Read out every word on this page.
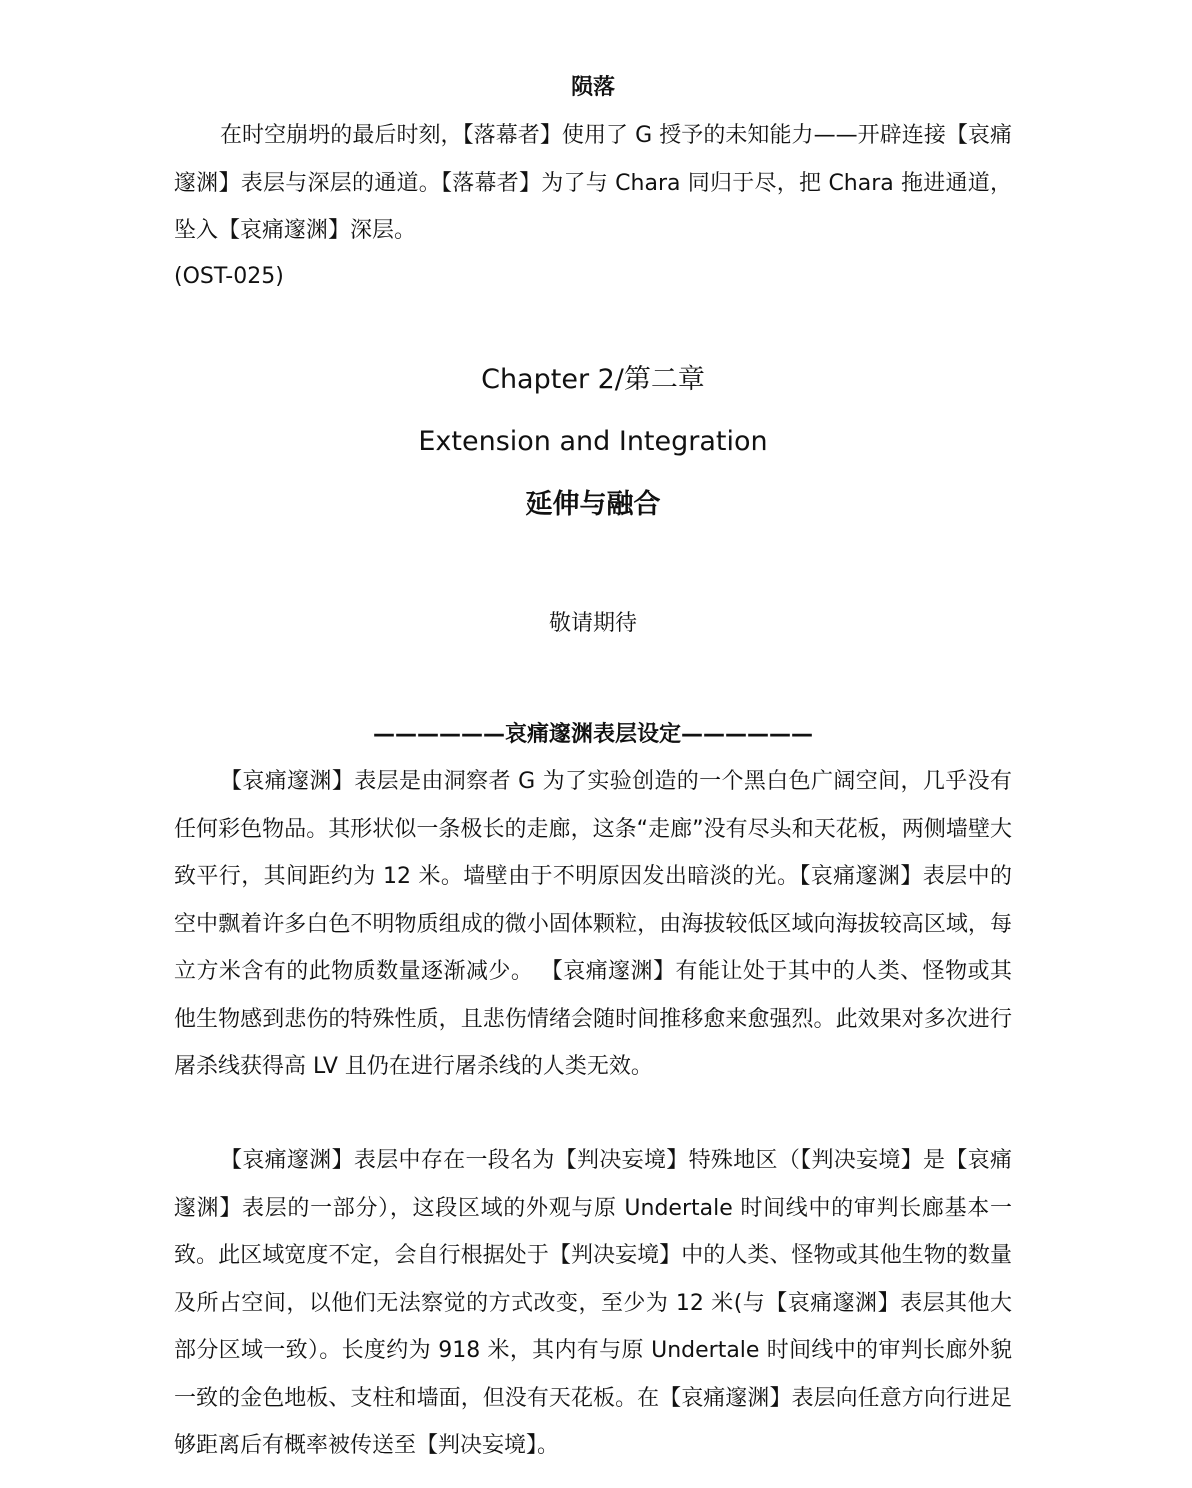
陨落

在时空崩坍的最后时刻，【落幕者】使用了 G 授予的未知能力——开辟连接【哀痛邃渊】表层与深层的通道。【落幕者】为了与 Chara 同归于尽，把 Chara 拖进通道，坠入【哀痛邃渊】深层。

(OST-025)
Chapter 2/第二章
Extension and Integration
延伸与融合
敬请期待
——————哀痛邃渊表层设定——————

【哀痛邃渊】表层是由洞察者 G 为了实验创造的一个黑白色广阔空间，几乎没有任何彩色物品。其形状似一条极长的走廊，这条“走廊”没有尽头和天花板，两侧墙壁大致平行，其间距约为 12 米。墙壁由于不明原因发出暗淡的光。【哀痛邃渊】表层中的空中飘着许多白色不明物质组成的微小固体颗粒，由海拔较低区域向海拔较高区域，每立方米含有的此物质数量逐渐减少。 【哀痛邃渊】有能让处于其中的人类、怪物或其他生物感到悲伤的特殊性质，且悲伤情绪会随时间推移愈来愈强烈。此效果对多次进行屠杀线获得高 LV 且仍在进行屠杀线的人类无效。

【哀痛邃渊】表层中存在一段名为【判决妄境】特殊地区（【判决妄境】是【哀痛邃渊】表层的一部分），这段区域的外观与原 Undertale 时间线中的审判长廊基本一致。此区域宽度不定，会自行根据处于【判决妄境】中的人类、怪物或其他生物的数量及所占空间，以他们无法察觉的方式改变，至少为 12 米(与【哀痛邃渊】表层其他大部分区域一致）。长度约为 918 米，其内有与原 Undertale 时间线中的审判长廊外貌一致的金色地板、支柱和墙面，但没有天花板。在【哀痛邃渊】表层向任意方向行进足够距离后有概率被传送至【判决妄境】。
